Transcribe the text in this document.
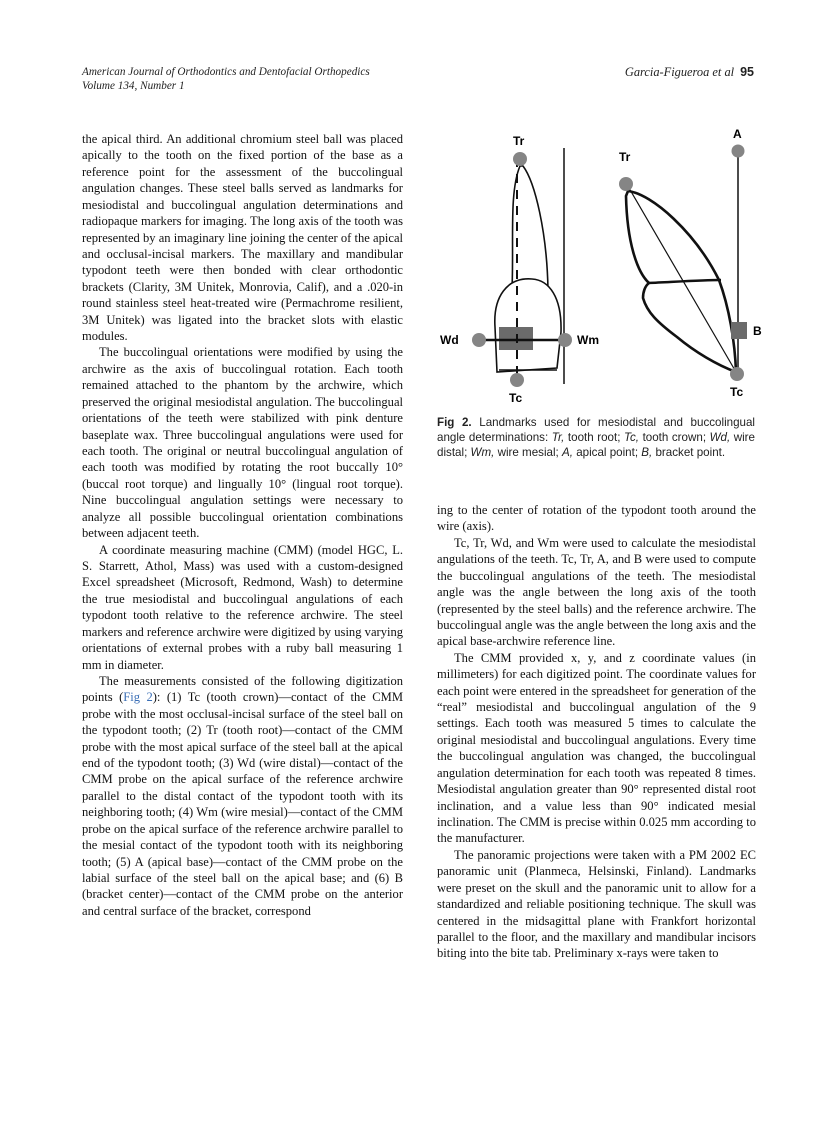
American Journal of Orthodontics and Dentofacial Orthopedics
Volume 134, Number 1
Garcia-Figueroa et al 95

the apical third. An additional chromium steel ball was placed apically to the tooth on the fixed portion of the base as a reference point for the assessment of the buccolingual angulation changes. These steel balls served as landmarks for mesiodistal and buccolingual angulation determinations and radiopaque markers for imaging. The long axis of the tooth was represented by an imaginary line joining the center of the apical and occlusal-incisal markers. The maxillary and mandibular typodont teeth were then bonded with clear orthodontic brackets (Clarity, 3M Unitek, Monrovia, Calif), and a .020-in round stainless steel heat-treated wire (Permachrome resilient, 3M Unitek) was ligated into the bracket slots with elastic modules.

The buccolingual orientations were modified by using the archwire as the axis of buccolingual rotation. Each tooth remained attached to the phantom by the archwire, which preserved the original mesiodistal angulation. The buccolingual orientations of the teeth were stabilized with pink denture baseplate wax. Three buccolingual angulations were used for each tooth. The original or neutral buccolingual angulation of each tooth was modified by rotating the root buccally 10° (buccal root torque) and lingually 10° (lingual root torque). Nine buccolingual angulation settings were necessary to analyze all possible buccolingual orientation combinations between adjacent teeth.

A coordinate measuring machine (CMM) (model HGC, L. S. Starrett, Athol, Mass) was used with a custom-designed Excel spreadsheet (Microsoft, Redmond, Wash) to determine the true mesiodistal and buccolingual angulations of each typodont tooth relative to the reference archwire. The steel markers and reference archwire were digitized by using varying orientations of external probes with a ruby ball measuring 1 mm in diameter.

The measurements consisted of the following digitization points (Fig 2): (1) Tc (tooth crown)—contact of the CMM probe with the most occlusal-incisal surface of the steel ball on the typodont tooth; (2) Tr (tooth root)—contact of the CMM probe with the most apical surface of the steel ball at the apical end of the typodont tooth; (3) Wd (wire distal)—contact of the CMM probe on the apical surface of the reference archwire parallel to the distal contact of the typodont tooth with its neighboring tooth; (4) Wm (wire mesial)—contact of the CMM probe on the apical surface of the reference archwire parallel to the mesial contact of the typodont tooth with its neighboring tooth; (5) A (apical base)—contact of the CMM probe on the labial surface of the steel ball on the apical base; and (6) B (bracket center)—contact of the CMM probe on the anterior and central surface of the bracket, correspond

Tr
Tc
Wd	Wm
A
Tr
B
Tc
Fig 2. Landmarks used for mesiodistal and buccolingual angle determinations: Tr, tooth root; Tc, tooth crown; Wd, wire distal; Wm, wire mesial; A, apical point; B, bracket point.

ing to the center of rotation of the typodont tooth around the wire (axis).

Tc, Tr, Wd, and Wm were used to calculate the mesiodistal angulations of the teeth. Tc, Tr, A, and B were used to compute the buccolingual angulations of the teeth. The mesiodistal angle was the angle between the long axis of the tooth (represented by the steel balls) and the reference archwire. The buccolingual angle was the angle between the long axis and the apical base-archwire reference line.

The CMM provided x, y, and z coordinate values (in millimeters) for each digitized point. The coordinate values for each point were entered in the spreadsheet for generation of the “real” mesiodistal and buccolingual angulation of the 9 settings. Each tooth was measured 5 times to calculate the original mesiodistal and buccolingual angulations. Every time the buccolingual angulation was changed, the buccolingual angulation determination for each tooth was repeated 8 times. Mesiodistal angulation greater than 90° represented distal root inclination, and a value less than 90° indicated mesial inclination. The CMM is precise within 0.025 mm according to the manufacturer.

The panoramic projections were taken with a PM 2002 EC panoramic unit (Planmeca, Helsinski, Finland). Landmarks were preset on the skull and the panoramic unit to allow for a standardized and reliable positioning technique. The skull was centered in the midsagittal plane with Frankfort horizontal parallel to the floor, and the maxillary and mandibular incisors biting into the bite tab. Preliminary x-rays were taken to
